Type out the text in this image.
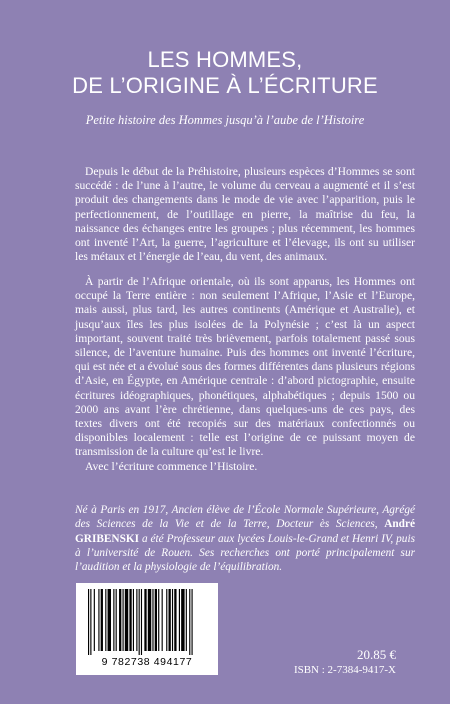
LES HOMMES,
DE L’ORIGINE À L’ÉCRITURE
Petite histoire des Hommes jusqu’à l’aube de l’Histoire

Depuis le début de la Préhistoire, plusieurs espèces d’Hommes se sont succédé : de l’une à l’autre, le volume du cerveau a augmenté et il s’est produit des changements dans le mode de vie avec l’apparition, puis le perfectionnement, de l’outillage en pierre, la maîtrise du feu, la naissance des échanges entre les groupes ; plus récemment, les hommes ont inventé l’Art, la guerre, l’agriculture et l’élevage, ils ont su utiliser les métaux et l’énergie de l’eau, du vent, des animaux.

À partir de l’Afrique orientale, où ils sont apparus, les Hommes ont occupé la Terre entière : non seulement l’Afrique, l’Asie et l’Europe, mais aussi, plus tard, les autres continents (Amérique et Australie), et jusqu’aux îles les plus isolées de la Polynésie ; c’est là un aspect important, souvent traité très brièvement, parfois totalement passé sous silence, de l’aventure humaine. Puis des hommes ont inventé l’écriture, qui est née et a évolué sous des formes différentes dans plusieurs régions d’Asie, en Égypte, en Amérique centrale : d’abord pictographie, ensuite écritures idéographiques, phonétiques, alphabétiques ; depuis 1500 ou 2000 ans avant l’ère chrétienne, dans quelques-uns de ces pays, des textes divers ont été recopiés sur des matériaux confectionnés ou disponibles localement : telle est l’origine de ce puissant moyen de transmission de la culture qu’est le livre.

Avec l’écriture commence l’Histoire.

Né à Paris en 1917, Ancien élève de l’École Normale Supérieure, Agrégé des Sciences de la Vie et de la Terre, Docteur ès Sciences, André GRIBENSKI a été Professeur aux lycées Louis-le-Grand et Henri IV, puis à l’université de Rouen. Ses recherches ont porté principalement sur l’audition et la physiologie de l’équilibration.
9 782738 494177	20.85 €
ISBN : 2-7384-9417-X
